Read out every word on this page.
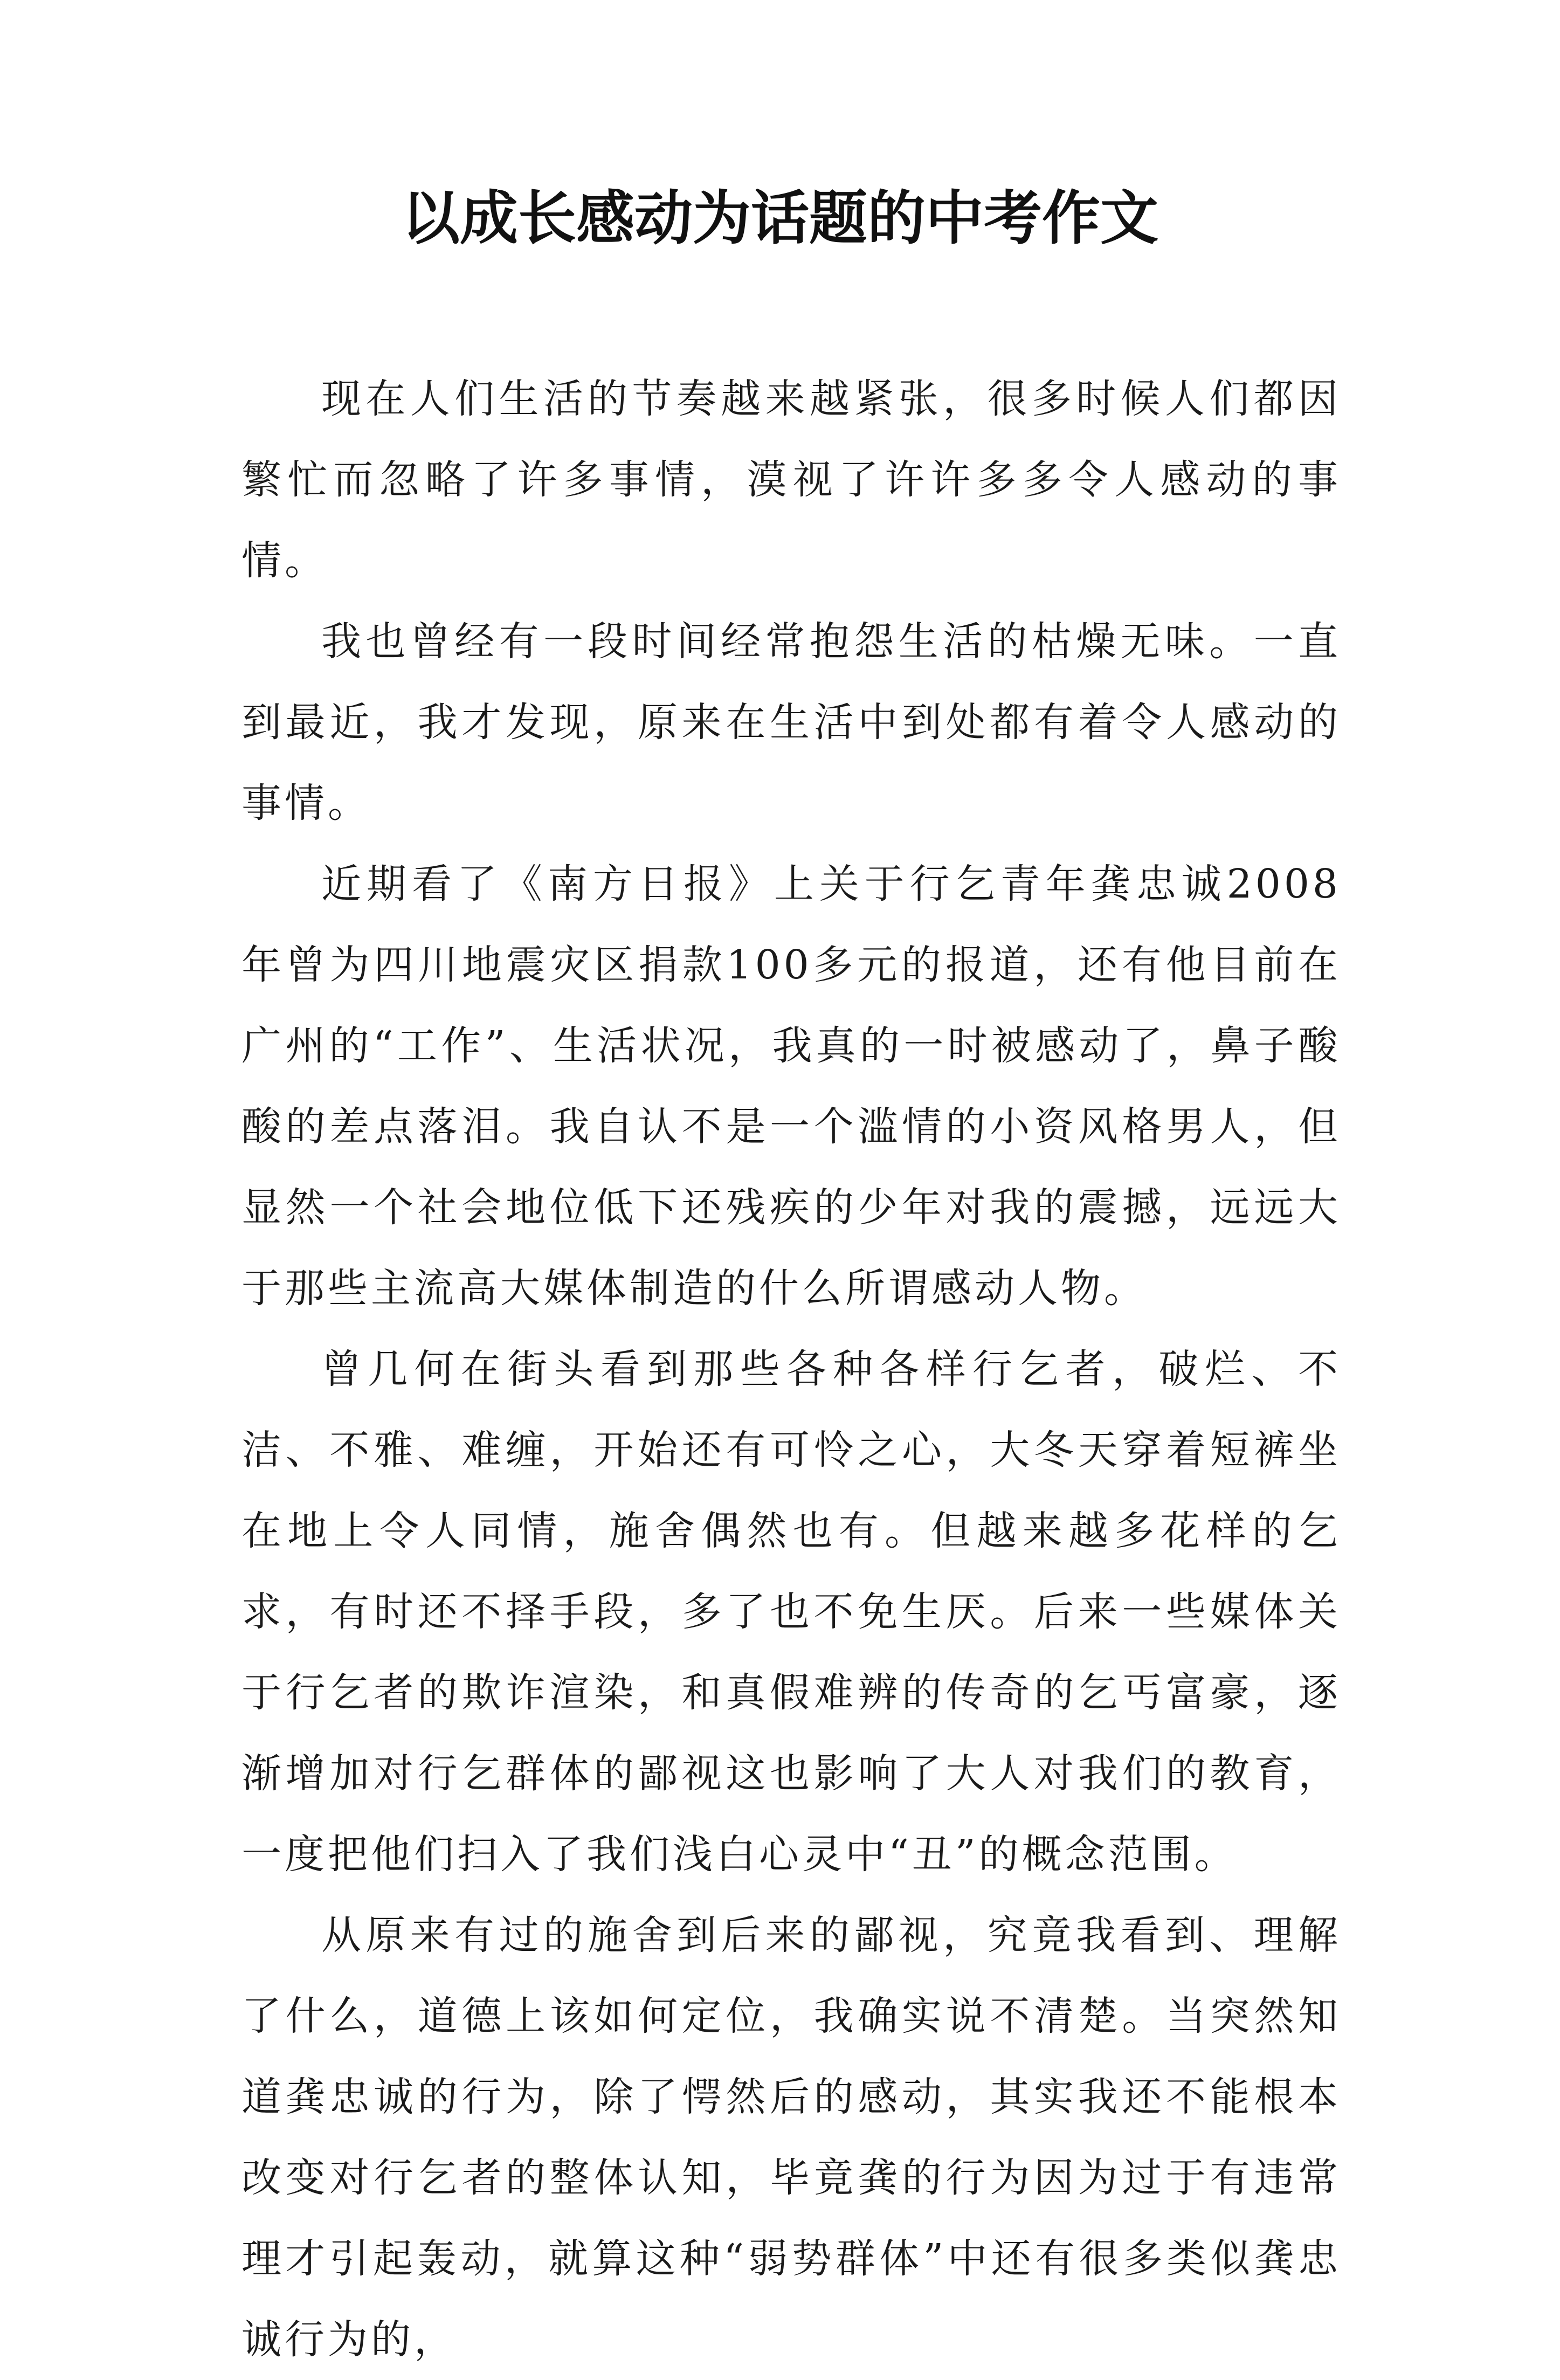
以成长感动为话题的中考作文

现在人们生活的节奏越来越紧张，很多时候人们都因繁忙而忽略了许多事情，漠视了许许多多令人感动的事情。

我也曾经有一段时间经常抱怨生活的枯燥无味。一直到最近，我才发现，原来在生活中到处都有着令人感动的事情。

近期看了《南方日报》上关于行乞青年龚忠诚2008年曾为四川地震灾区捐款100多元的报道，还有他目前在广州的“工作”、生活状况，我真的一时被感动了，鼻子酸酸的差点落泪。我自认不是一个滥情的小资风格男人，但显然一个社会地位低下还残疾的少年对我的震撼，远远大于那些主流高大媒体制造的什么所谓感动人物。

曾几何在街头看到那些各种各样行乞者，破烂、不洁、不雅、难缠，开始还有可怜之心，大冬天穿着短裤坐在地上令人同情，施舍偶然也有。但越来越多花样的乞求，有时还不择手段，多了也不免生厌。后来一些媒体关于行乞者的欺诈渲染，和真假难辨的传奇的乞丐富豪，逐渐增加对行乞群体的鄙视这也影响了大人对我们的教育，一度把他们扫入了我们浅白心灵中“丑”的概念范围。

从原来有过的施舍到后来的鄙视，究竟我看到、理解了什么，道德上该如何定位，我确实说不清楚。当突然知道龚忠诚的行为，除了愕然后的感动，其实我还不能根本改变对行乞者的整体认知，毕竟龚的行为因为过于有违常理才引起轰动，就算这种“弱势群体”中还有很多类似龚忠诚行为的，
